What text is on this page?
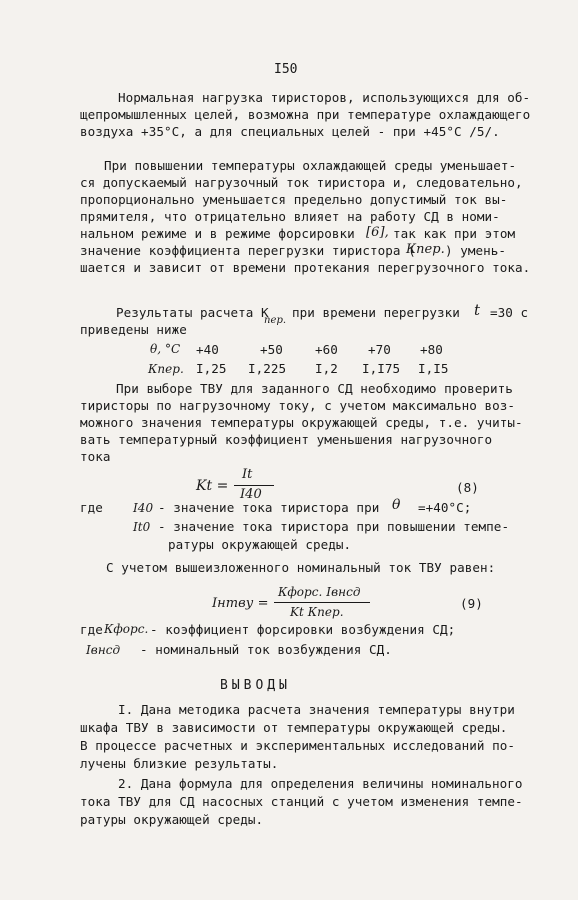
I50
Нормальная нагрузка тиристоров, использующихся для об-
щепромышленных целей, возможна при температуре охлаждающего
воздуха +35°C, а для специальных целей - при +45°C /5/.
При повышении температуры охлаждающей среды уменьшает-
ся допускаемый нагрузочный ток тиристора и, следовательно,
пропорционально уменьшается предельно допустимый ток вы-
прямителя, что отрицательно влияет на работу СД в номи-
нальном режиме и в режиме форсировки [6], так как при этом
значение коэффициента перегрузки тиристора (
Кпер. ) умень-
шается и зависит от времени протекания перегрузочного тока.
Результаты расчета К
пер.
при времени перегрузки t =30 с
приведены ниже
θ, °C +40	+50	+60 +70 +80
Кпер. I,25 I,225 I,2 I,I75 I,I5
При выборе ТВУ для заданного СД необходимо проверить
тиристоры по нагрузочному току, с учетом максимально воз-
можного значения температуры окружающей среды, т.е. учиты-
вать температурный коэффициент уменьшения нагрузочного
тока
Kt =
It
I40	(8)
где	I40 - значение тока тиристора при θ =+40°C;
It0 - значение тока тиристора при повышении темпе-
ратуры окружающей среды.
С учетом вышеизложенного номинальный ток ТВУ равен:
Iнтву =
Кфорс. Iвнсд
Kt Кпер.
(9)
где Кфорс. - коэффициент форсировки возбуждения СД;
Iвнсд - номинальный ток возбуждения СД.
ВЫВОДЫ
I. Дана методика расчета значения температуры внутри
шкафа ТВУ в зависимости от температуры окружающей среды.
В процессе расчетных и экспериментальных исследований по-
лучены близкие результаты.
2. Дана формула для определения величины номинального
тока ТВУ для СД насосных станций с учетом изменения темпе-
ратуры окружающей среды.
